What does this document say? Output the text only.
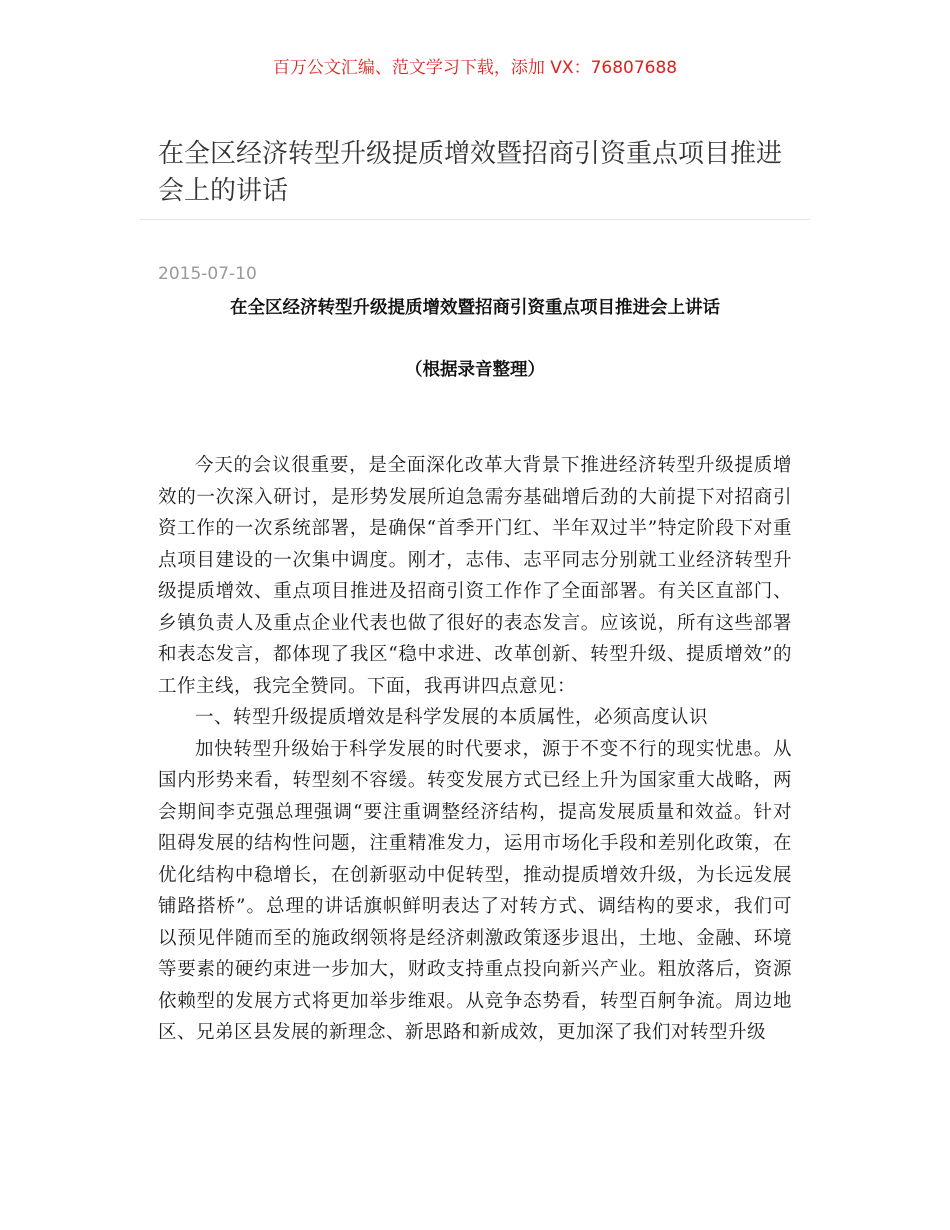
百万公文汇编、范文学习下载，添加 VX：76807688
在全区经济转型升级提质增效暨招商引资重点项目推进会上的讲话
2015-07-10
在全区经济转型升级提质增效暨招商引资重点项目推进会上讲话
（根据录音整理）

今天的会议很重要，是全面深化改革大背景下推进经济转型升级提质增效的一次深入研讨，是形势发展所迫急需夯基础增后劲的大前提下对招商引资工作的一次系统部署，是确保“首季开门红、半年双过半”特定阶段下对重点项目建设的一次集中调度。刚才，志伟、志平同志分别就工业经济转型升级提质增效、重点项目推进及招商引资工作作了全面部署。有关区直部门、乡镇负责人及重点企业代表也做了很好的表态发言。应该说，所有这些部署和表态发言，都体现了我区“稳中求进、改革创新、转型升级、提质增效”的工作主线，我完全赞同。下面，我再讲四点意见：

一、转型升级提质增效是科学发展的本质属性，必须高度认识

加快转型升级始于科学发展的时代要求，源于不变不行的现实忧患。从国内形势来看，转型刻不容缓。转变发展方式已经上升为国家重大战略，两会期间李克强总理强调“要注重调整经济结构，提高发展质量和效益。针对阻碍发展的结构性问题，注重精准发力，运用市场化手段和差别化政策，在优化结构中稳增长，在创新驱动中促转型，推动提质增效升级，为长远发展铺路搭桥”。总理的讲话旗帜鲜明表达了对转方式、调结构的要求，我们可以预见伴随而至的施政纲领将是经济刺激政策逐步退出，土地、金融、环境等要素的硬约束进一步加大，财政支持重点投向新兴产业。粗放落后，资源依赖型的发展方式将更加举步维艰。从竞争态势看，转型百舸争流。周边地区、兄弟区县发展的新理念、新思路和新成效，更加深了我们对转型升级
